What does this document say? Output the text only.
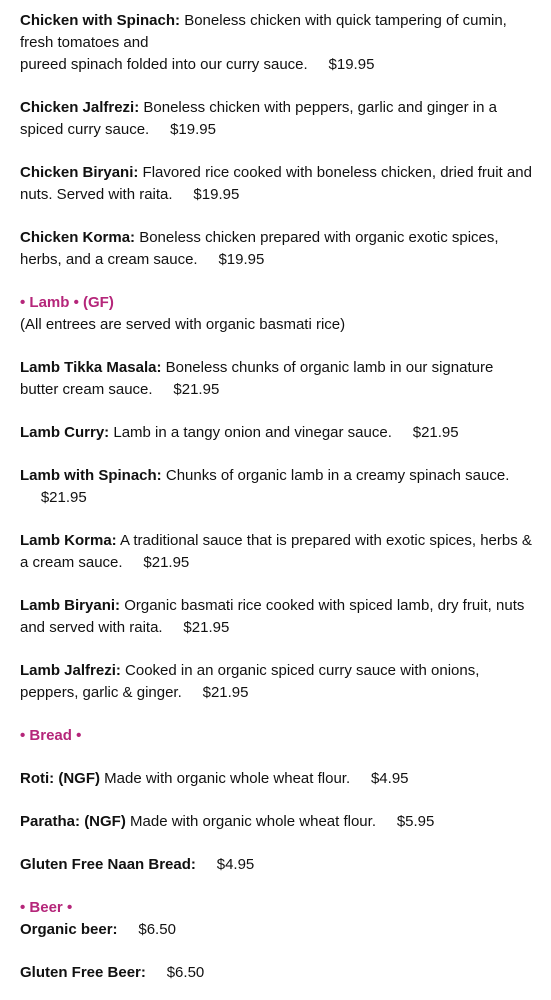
Chicken with Spinach: Boneless chicken with quick tampering of cumin, fresh tomatoes and
pureed spinach folded into our curry sauce. $19.95
Chicken Jalfrezi: Boneless chicken with peppers, garlic and ginger in a spiced curry sauce. $19.95
Chicken Biryani: Flavored rice cooked with boneless chicken, dried fruit and nuts. Served with raita. $19.95
Chicken Korma: Boneless chicken prepared with organic exotic spices, herbs, and a cream sauce. $19.95
• Lamb • (GF)
(All entrees are served with organic basmati rice)
Lamb Tikka Masala: Boneless chunks of organic lamb in our signature butter cream sauce. $21.95
Lamb Curry: Lamb in a tangy onion and vinegar sauce. $21.95
Lamb with Spinach: Chunks of organic lamb in a creamy spinach sauce.     $21.95
Lamb Korma: A traditional sauce that is prepared with exotic spices, herbs & a cream sauce. $21.95
Lamb Biryani: Organic basmati rice cooked with spiced lamb, dry fruit, nuts and served with raita. $21.95
Lamb Jalfrezi: Cooked in an organic spiced curry sauce with onions, peppers, garlic & ginger. $21.95
• Bread •
Roti: (NGF) Made with organic whole wheat flour. $4.95
Paratha: (NGF) Made with organic whole wheat flour. $5.95
Gluten Free Naan Bread: $4.95
• Beer •
Organic beer: $6.50
Gluten Free Beer: $6.50
